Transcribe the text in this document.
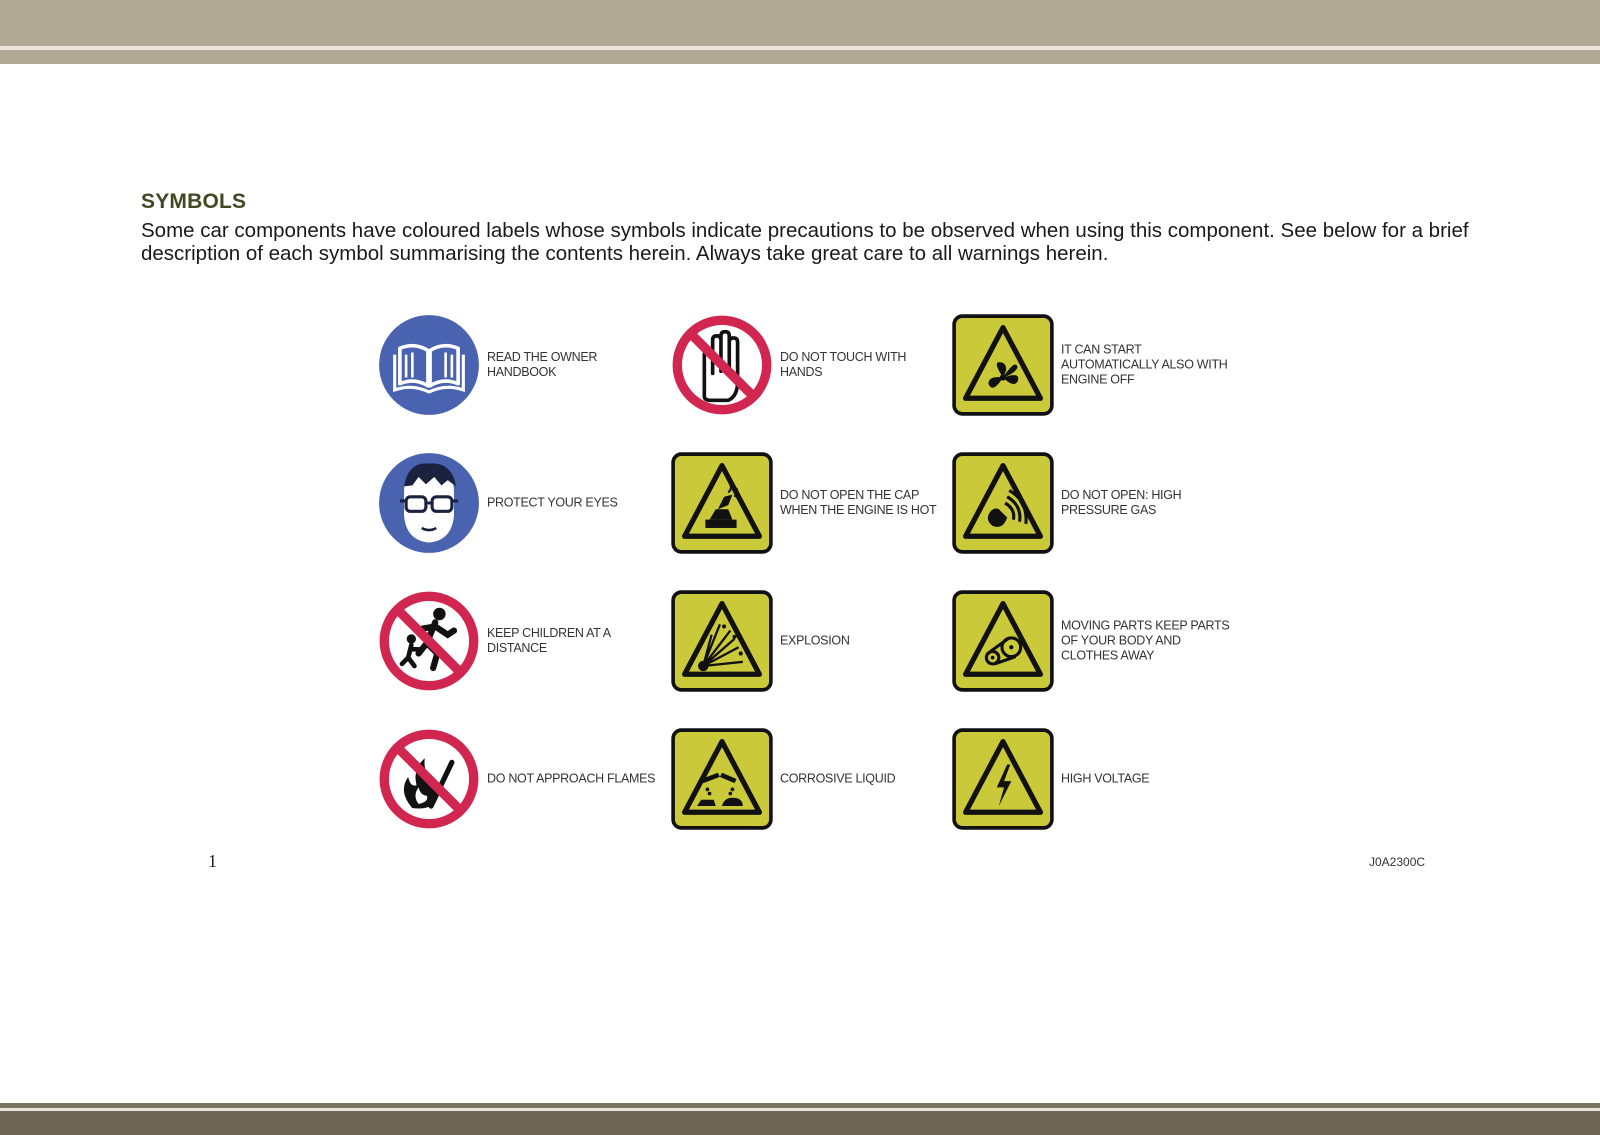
SYMBOLS

Some car components have coloured labels whose symbols indicate precautions to be observed when using this component. See below for a brief description of each symbol summarising the contents herein. Always take great care to all warnings herein.

READ THE OWNER HANDBOOK
PROTECT YOUR EYES
KEEP CHILDREN AT A DISTANCE
DO NOT APPROACH FLAMES
DO NOT TOUCH WITH HANDS
DO NOT OPEN THE CAP WHEN THE ENGINE IS HOT
EXPLOSION
CORROSIVE LIQUID
IT CAN START AUTOMATICALLY ALSO WITH ENGINE OFF
DO NOT OPEN: HIGH PRESSURE GAS
MOVING PARTS KEEP PARTS OF YOUR BODY AND CLOTHES AWAY
HIGH VOLTAGE
1	J0A2300C
